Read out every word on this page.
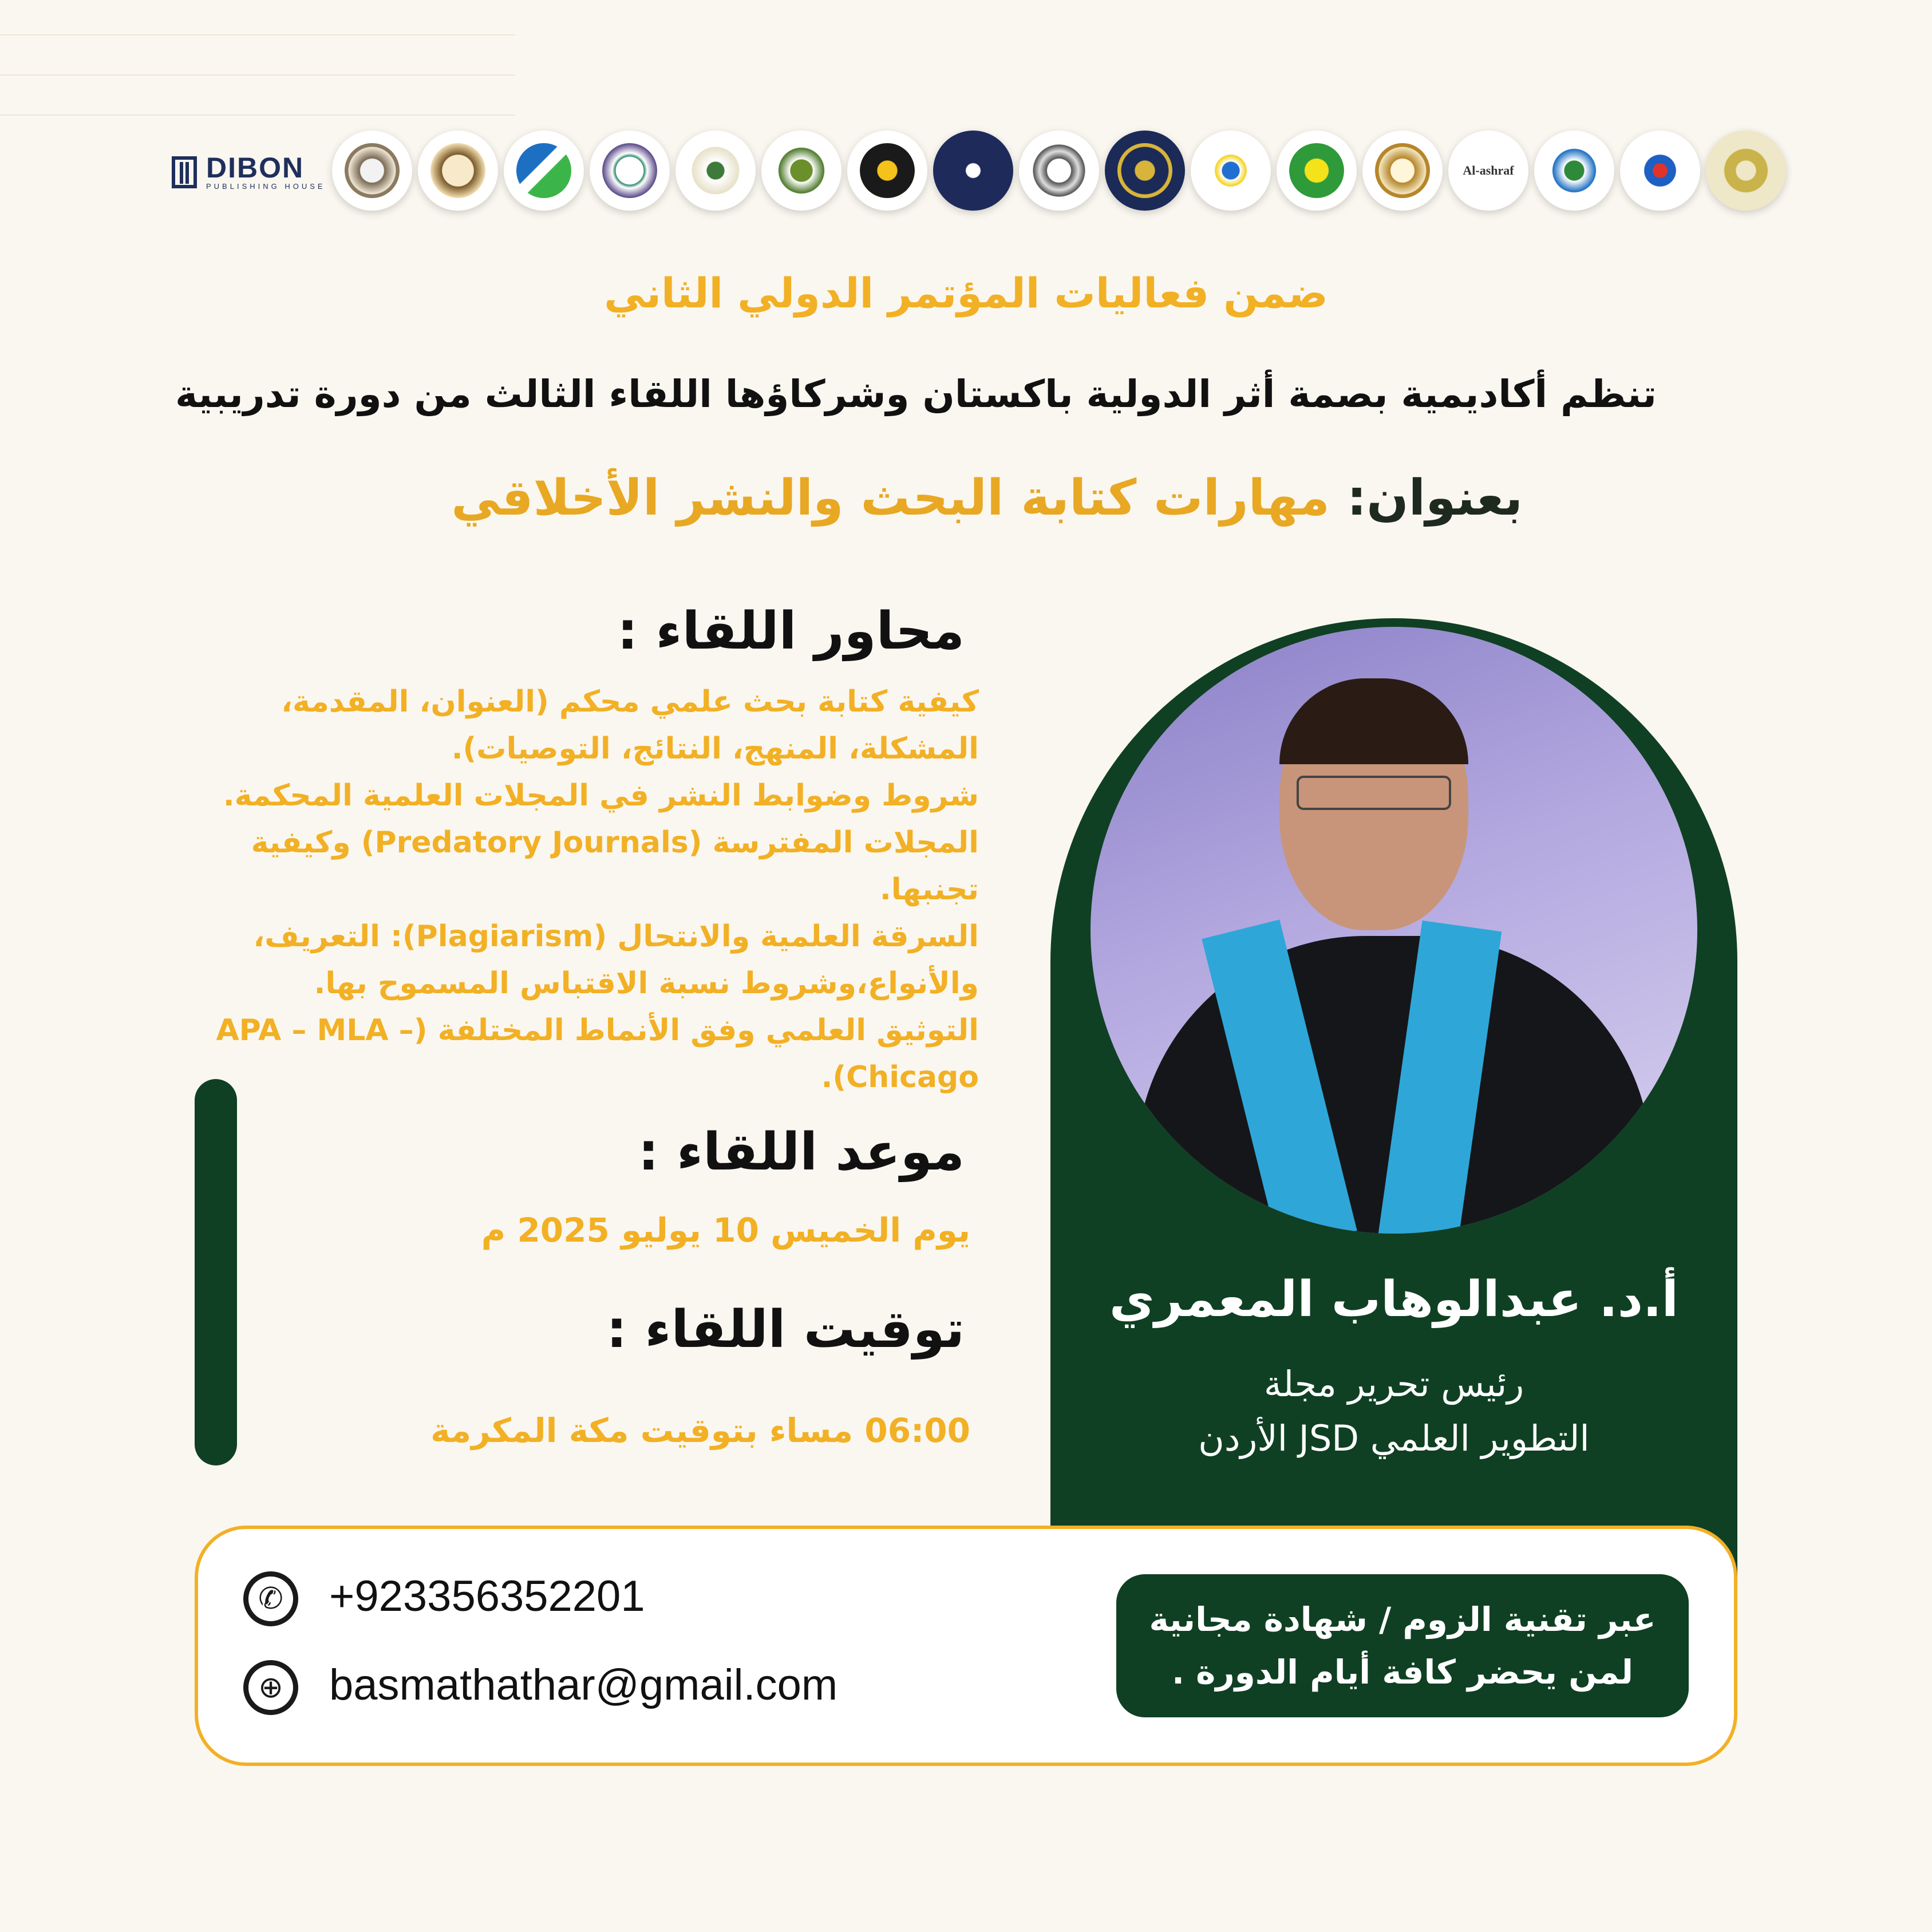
DIBON
PUBLISHING HOUSE
Al-ashraf
ضمن فعاليات المؤتمر الدولي الثاني
تنظم أكاديمية بصمة أثر الدولية باكستان وشركاؤها اللقاء الثالث من دورة تدريبية
بعنوان: مهارات كتابة البحث والنشر الأخلاقي
محاور اللقاء :

كيفية كتابة بحث علمي محكم (العنوان، المقدمة، المشكلة، المنهج، النتائج، التوصيات).

شروط وضوابط النشر في المجلات العلمية المحكمة.

المجلات المفترسة (Predatory Journals) وكيفية تجنبها.

السرقة العلمية والانتحال (Plagiarism): التعريف، والأنواع،وشروط نسبة الاقتباس المسموح بها.

التوثيق العلمي وفق الأنماط المختلفة (APA – MLA – Chicago).

موعد اللقاء :
يوم الخميس 10 يوليو 2025 م
توقيت اللقاء :
06:00 مساء بتوقيت مكة المكرمة
أ.د. عبدالوهاب المعمري
رئيس تحرير مجلة
التطوير العلمي JSD الأردن
✆	+923356352201
⊕	basmathathar@gmail.com
عبر تقنية الزوم / شهادة مجانية
لمن يحضر كافة أيام الدورة .
